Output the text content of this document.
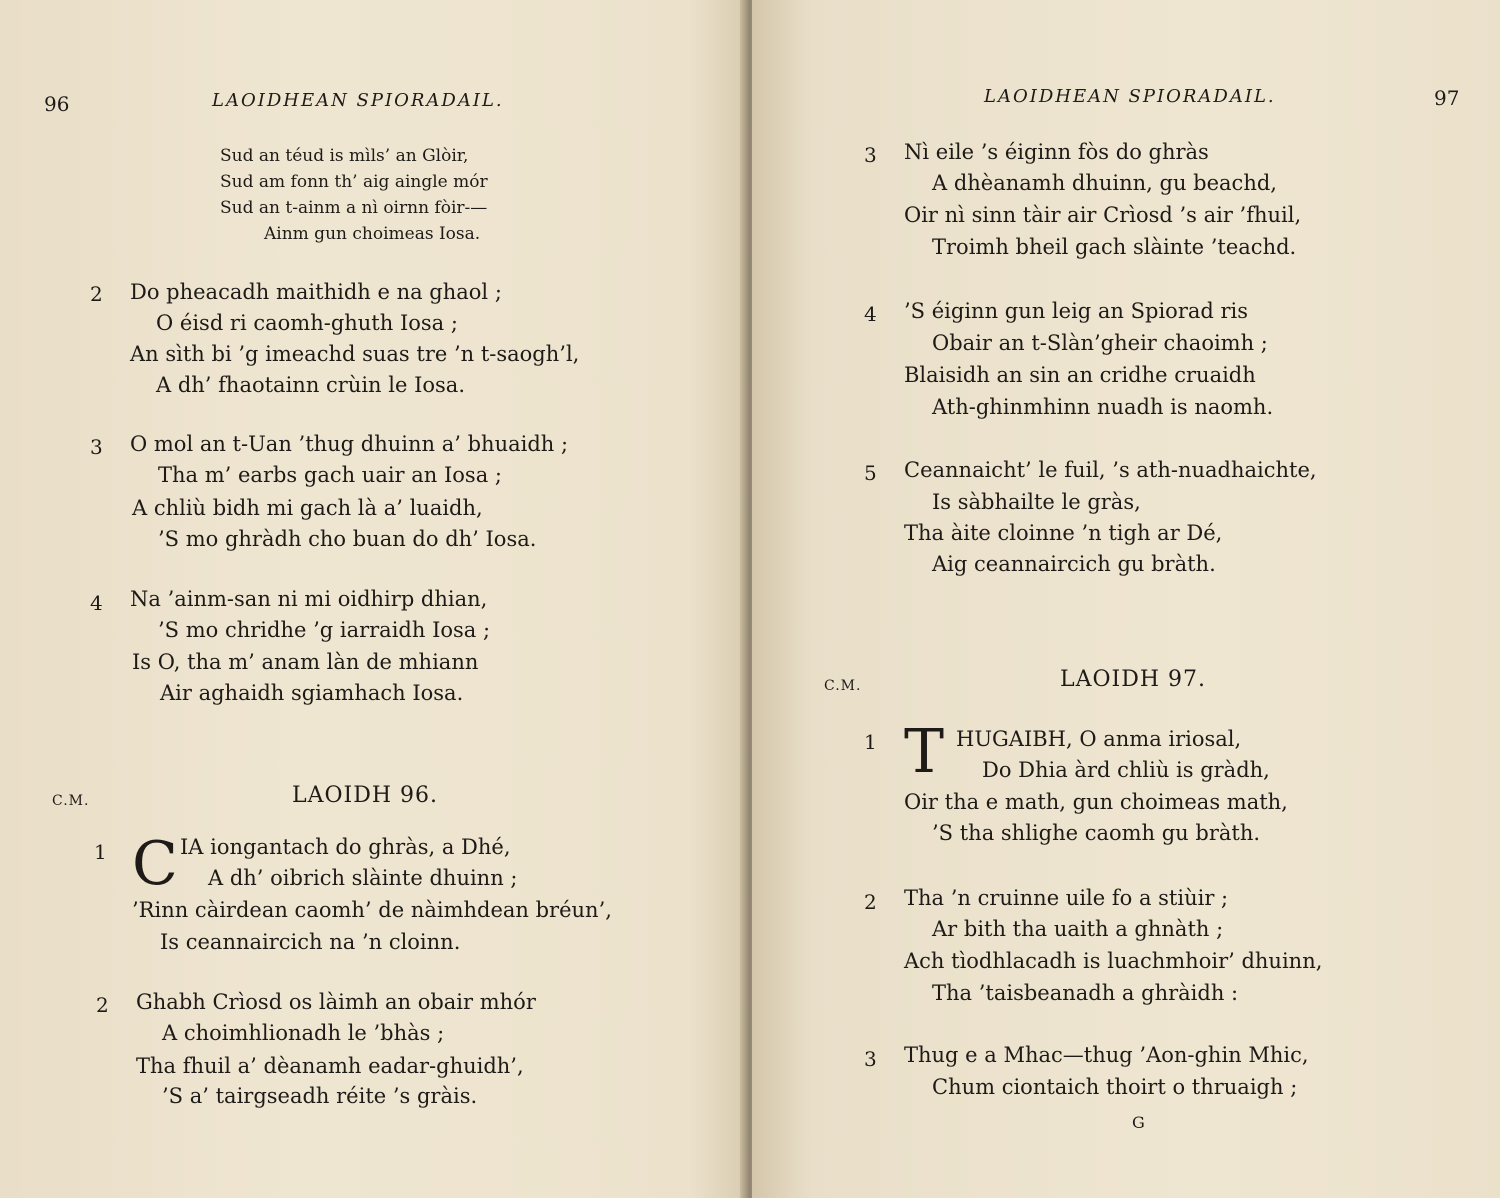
96	LAOIDHEAN SPIORADAIL.
Sud an téud is mìls’ an Glòir,
Sud am fonn th’ aig aingle mór
Sud an t-ainm a nì oirnn fòir-—
Ainm gun choimeas Iosa.
2 Do pheacadh maithidh e na ghaol ;
O éisd ri caomh-ghuth Iosa ;
An sìth bi ’g imeachd suas tre ’n t-saogh’l,
A dh’ fhaotainn crùin le Iosa.
3 O mol an t-Uan ’thug dhuinn a’ bhuaidh ;
Tha m’ earbs gach uair an Iosa ;
A chliù bidh mi gach là a’ luaidh,
’S mo ghràdh cho buan do dh’ Iosa.
4 Na ’ainm-san ni mi oidhirp dhian,
’S mo chridhe ’g iarraidh Iosa ;
Is O, tha m’ anam làn de mhiann
Air aghaidh sgiamhach Iosa.
C.M.	LAOIDH 96.
1 C IA iongantach do ghràs, a Dhé,
A dh’ oibrich slàinte dhuinn ;
’Rinn càirdean caomh’ de nàimhdean bréun’,
Is ceannaircich na ’n cloinn.
2 Ghabh Crìosd os làimh an obair mhór
A choimhlionadh le ’bhàs ;
Tha fhuil a’ dèanamh eadar-ghuidh’,
’S a’ tairgseadh réite ’s gràis.
LAOIDHEAN SPIORADAIL.	97
3 Nì eile ’s éiginn fòs do ghràs
A dhèanamh dhuinn, gu beachd,
Oir nì sinn tàir air Crìosd ’s air ’fhuil,
Troimh bheil gach slàinte ’teachd.
4 ’S éiginn gun leig an Spiorad ris
Obair an t-Slàn’gheir chaoimh ;
Blaisidh an sin an cridhe cruaidh
Ath-ghinmhinn nuadh is naomh.
5 Ceannaicht’ le fuil, ’s ath-nuadhaichte,
Is sàbhailte le gràs,
Tha àite cloinne ’n tigh ar Dé,
Aig ceannaircich gu bràth.
C.M.	LAOIDH 97.
1 T HUGAIBH, O anma iriosal,
Do Dhia àrd chliù is gràdh,
Oir tha e math, gun choimeas math,
’S tha shlighe caomh gu bràth.
2 Tha ’n cruinne uile fo a stiùir ;
Ar bith tha uaith a ghnàth ;
Ach tìodhlacadh is luachmhoir’ dhuinn,
Tha ’taisbeanadh a ghràidh :
3 Thug e a Mhac—thug ’Aon-ghin Mhic,
Chum ciontaich thoirt o thruaigh ;
G
